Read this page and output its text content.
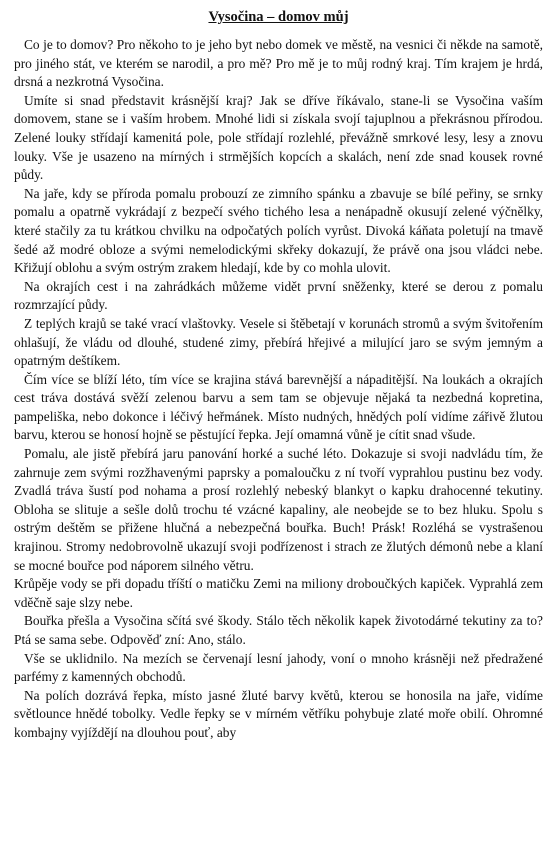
Vysočina – domov můj

Co je to domov? Pro někoho to je jeho byt nebo domek ve městě, na vesnici či někde na samotě, pro jiného stát, ve kterém se narodil, a pro mě? Pro mě je to můj rodný kraj. Tím krajem je hrdá, drsná a nezkrotná Vysočina.

Umíte si snad představit krásnější kraj? Jak se dříve říkávalo, stane-li se Vysočina vaším domovem, stane se i vaším hrobem. Mnohé lidi si získala svojí tajuplnou a překrásnou přírodou. Zelené louky střídají kamenitá pole, pole střídají rozlehlé, převážně smrkové lesy, lesy a znovu louky. Vše je usazeno na mírných i strmějších kopcích a skalách, není zde snad kousek rovné půdy.

Na jaře, kdy se příroda pomalu probouzí ze zimního spánku a zbavuje se bílé peřiny, se srnky pomalu a opatrně vykrádají z bezpečí svého tichého lesa a nenápadně okusují zelené výčnělky, které stačily za tu krátkou chvilku na odpočatých polích vyrůst. Divoká káňata poletují na tmavě šedé až modré obloze a svými nemelodickými skřeky dokazují, že právě ona jsou vládci nebe. Křižují oblohu a svým ostrým zrakem hledají, kde by co mohla ulovit.

Na okrajích cest i na zahrádkách můžeme vidět první sněženky, které se derou z pomalu rozmrzající půdy.

Z teplých krajů se také vrací vlaštovky. Vesele si štěbetají v korunách stromů a svým švitořením ohlašují, že vládu od dlouhé, studené zimy, přebírá hřejivé a milující jaro se svým jemným a opatrným deštíkem.

Čím více se blíží léto, tím více se krajina stává barevnější a nápaditější. Na loukách a okrajích cest tráva dostává svěží zelenou barvu a sem tam se objevuje nějaká ta nezbedná kopretina, pampeliška, nebo dokonce i léčivý heřmánek. Místo nudných, hnědých polí vidíme zářivě žlutou barvu, kterou se honosí hojně se pěstující řepka. Její omamná vůně je cítit snad všude.

Pomalu, ale jistě přebírá jaru panování horké a suché léto. Dokazuje si svoji nadvládu tím, že zahrnuje zem svými rozžhavenými paprsky a pomaloučku z ní tvoří vyprahlou pustinu bez vody. Zvadlá tráva šustí pod nohama a prosí rozlehlý nebeský blankyt o kapku drahocenné tekutiny. Obloha se slituje a sešle dolů trochu té vzácné kapaliny, ale neobejde se to bez hluku. Spolu s ostrým deštěm se přižene hlučná a nebezpečná bouřka. Buch! Prásk! Rozléhá se vystrašenou krajinou. Stromy nedobrovolně ukazují svoji podřízenost i strach ze žlutých démonů nebe a klaní se mocné bouřce pod náporem silného větru.

Krůpěje vody se při dopadu tříští o matičku Zemi na miliony droboučkých kapiček. Vyprahlá zem vděčně saje slzy nebe.

Bouřka přešla a Vysočina sčítá své škody. Stálo těch několik kapek životodárné tekutiny za to? Ptá se sama sebe. Odpověď zní: Ano, stálo.

Vše se uklidnilo. Na mezích se červenají lesní jahody, voní o mnoho krásněji než předražené parfémy z kamenných obchodů.

Na polích dozrává řepka, místo jasné žluté barvy květů, kterou se honosila na jaře, vidíme světlounce hnědé tobolky. Vedle řepky se v mírném větříku pohybuje zlaté moře obilí. Ohromné kombajny vyjíždějí na dlouhou pouť, aby
